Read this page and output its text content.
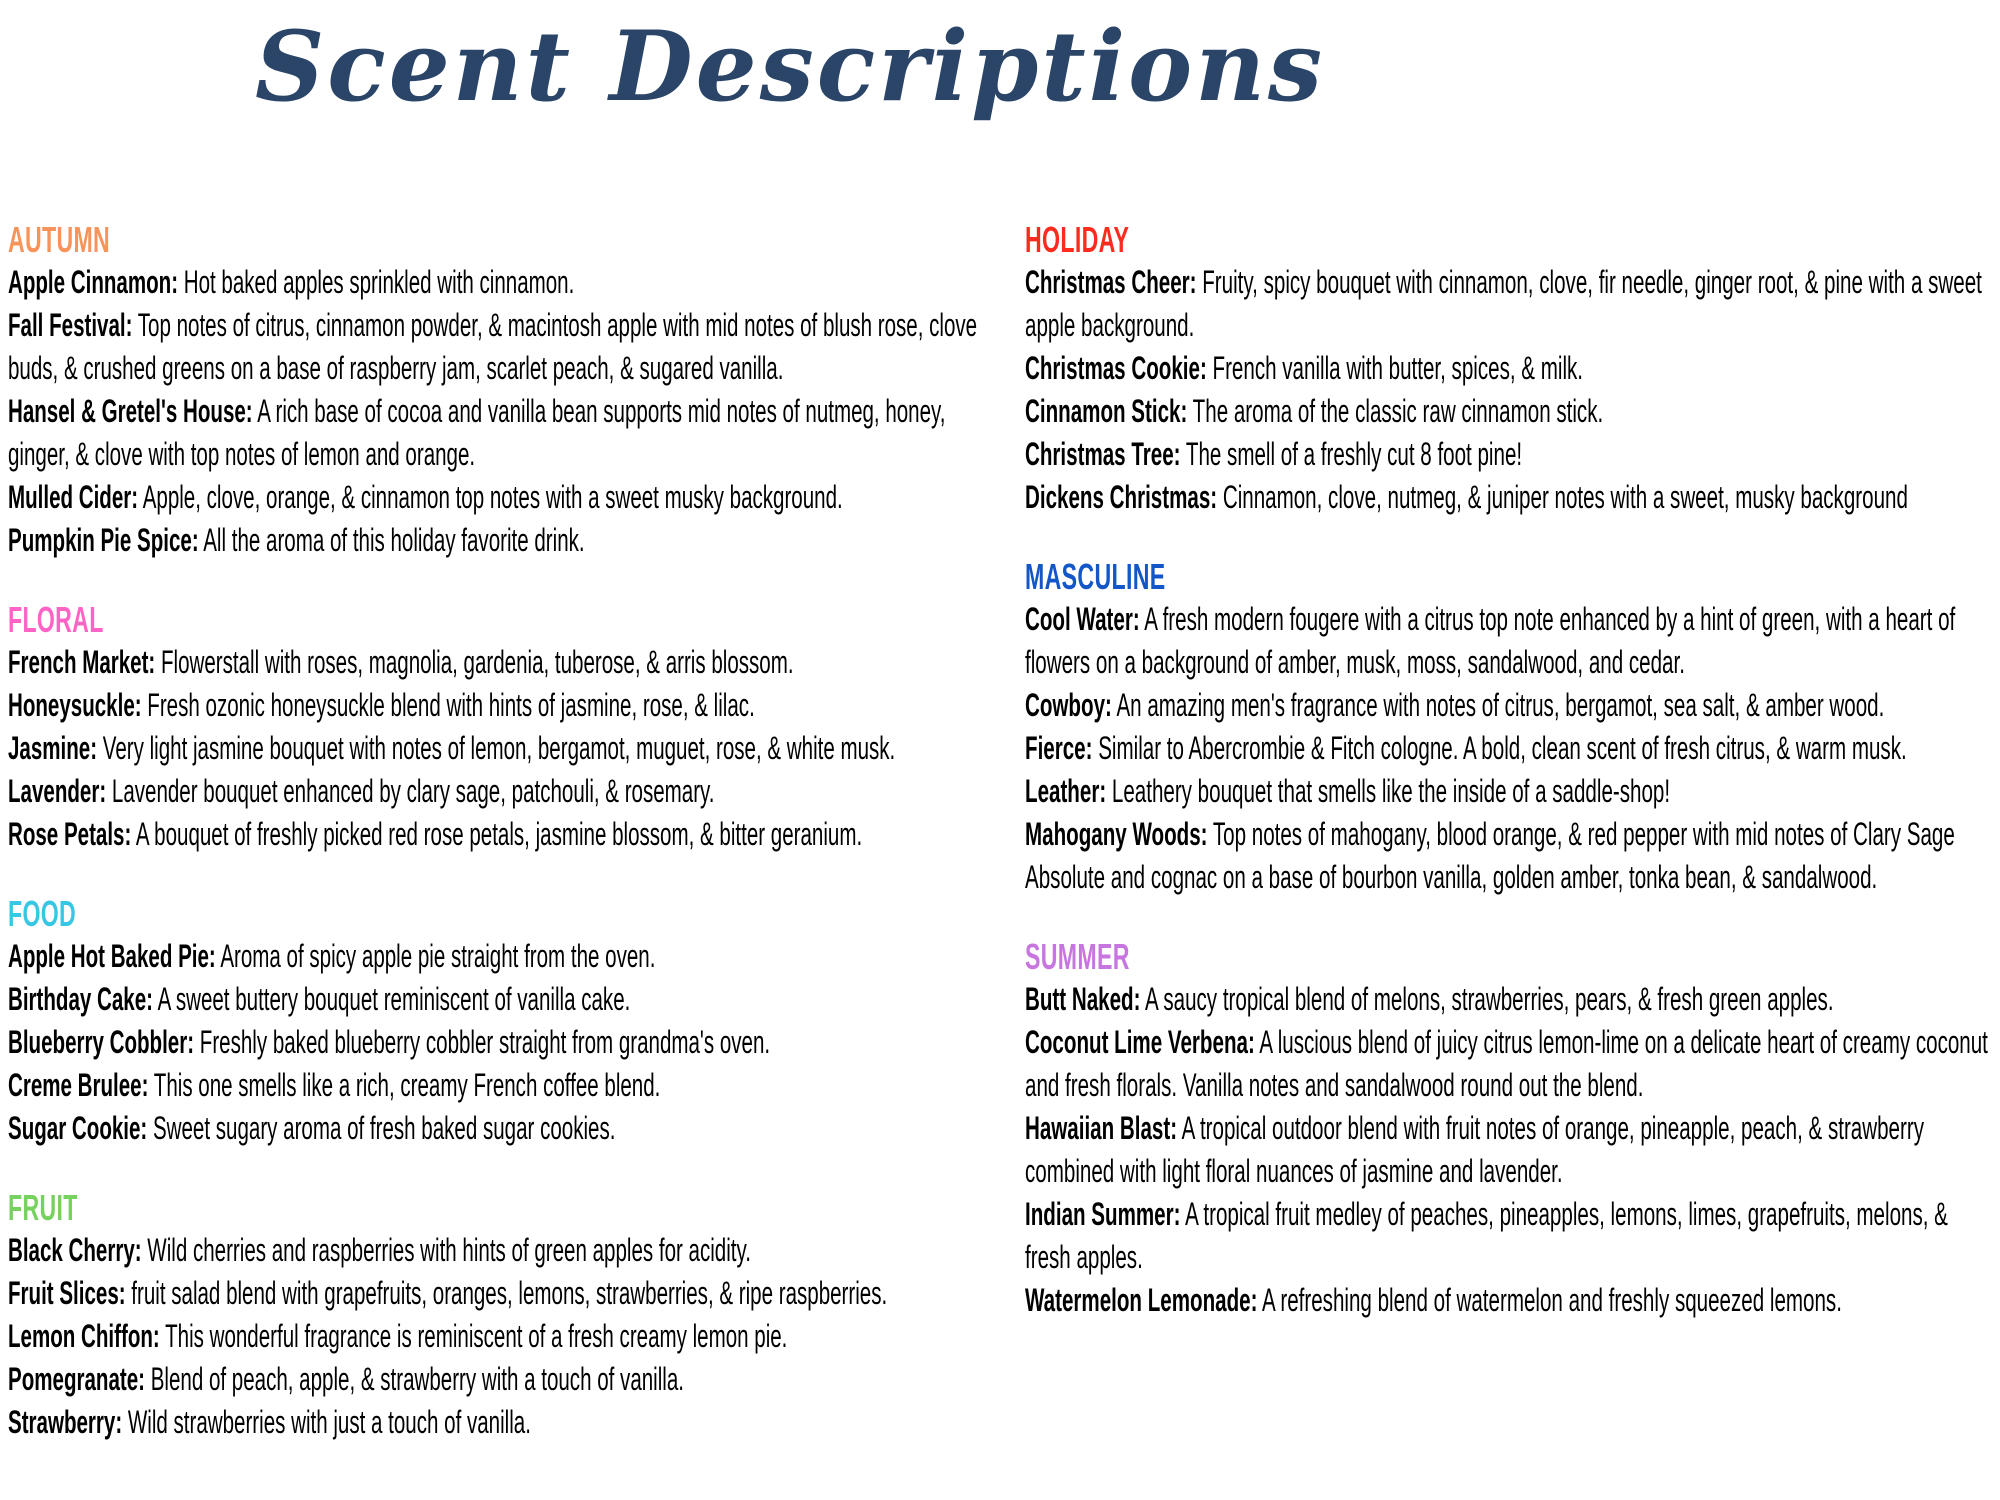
Scent Descriptions
AUTUMN
Apple Cinnamon: Hot baked apples sprinkled with cinnamon.
Fall Festival: Top notes of citrus, cinnamon powder, & macintosh apple with mid notes of blush rose, clove buds, & crushed greens on a base of raspberry jam, scarlet peach, & sugared vanilla.
Hansel & Gretel's House: A rich base of cocoa and vanilla bean supports mid notes of nutmeg, honey, ginger, & clove with top notes of lemon and orange.
Mulled Cider: Apple, clove, orange, & cinnamon top notes with a sweet musky background.
Pumpkin Pie Spice: All the aroma of this holiday favorite drink.
FLORAL
French Market: Flowerstall with roses, magnolia, gardenia, tuberose, & arris blossom.
Honeysuckle: Fresh ozonic honeysuckle blend with hints of jasmine, rose, & lilac.
Jasmine: Very light jasmine bouquet with notes of lemon, bergamot, muguet, rose, & white musk.
Lavender: Lavender bouquet enhanced by clary sage, patchouli, & rosemary.
Rose Petals: A bouquet of freshly picked red rose petals, jasmine blossom, & bitter geranium.
FOOD
Apple Hot Baked Pie: Aroma of spicy apple pie straight from the oven.
Birthday Cake: A sweet buttery bouquet reminiscent of vanilla cake.
Blueberry Cobbler: Freshly baked blueberry cobbler straight from grandma's oven.
Creme Brulee: This one smells like a rich, creamy French coffee blend.
Sugar Cookie: Sweet sugary aroma of fresh baked sugar cookies.
FRUIT
Black Cherry: Wild cherries and raspberries with hints of green apples for acidity.
Fruit Slices: fruit salad blend with grapefruits, oranges, lemons, strawberries, & ripe raspberries.
Lemon Chiffon: This wonderful fragrance is reminiscent of a fresh creamy lemon pie.
Pomegranate: Blend of peach, apple, & strawberry with a touch of vanilla.
Strawberry: Wild strawberries with just a touch of vanilla.
HOLIDAY
Christmas Cheer: Fruity, spicy bouquet with cinnamon, clove, fir needle, ginger root, & pine with a sweet apple background.
Christmas Cookie: French vanilla with butter, spices, & milk.
Cinnamon Stick: The aroma of the classic raw cinnamon stick.
Christmas Tree: The smell of a freshly cut 8 foot pine!
Dickens Christmas: Cinnamon, clove, nutmeg, & juniper notes with a sweet, musky background
MASCULINE
Cool Water: A fresh modern fougere with a citrus top note enhanced by a hint of green, with a heart of flowers on a background of amber, musk, moss, sandalwood, and cedar.
Cowboy: An amazing men's fragrance with notes of citrus, bergamot, sea salt, & amber wood.
Fierce: Similar to Abercrombie & Fitch cologne. A bold, clean scent of fresh citrus, & warm musk.
Leather: Leathery bouquet that smells like the inside of a saddle-shop!
Mahogany Woods: Top notes of mahogany, blood orange, & red pepper with mid notes of Clary Sage Absolute and cognac on a base of bourbon vanilla, golden amber, tonka bean, & sandalwood.
SUMMER
Butt Naked: A saucy tropical blend of melons, strawberries, pears, & fresh green apples.
Coconut Lime Verbena: A luscious blend of juicy citrus lemon-lime on a delicate heart of creamy coconut and fresh florals. Vanilla notes and sandalwood round out the blend.
Hawaiian Blast: A tropical outdoor blend with fruit notes of orange, pineapple, peach, & strawberry combined with light floral nuances of jasmine and lavender.
Indian Summer: A tropical fruit medley of peaches, pineapples, lemons, limes, grapefruits, melons, & fresh apples.
Watermelon Lemonade: A refreshing blend of watermelon and freshly squeezed lemons.
